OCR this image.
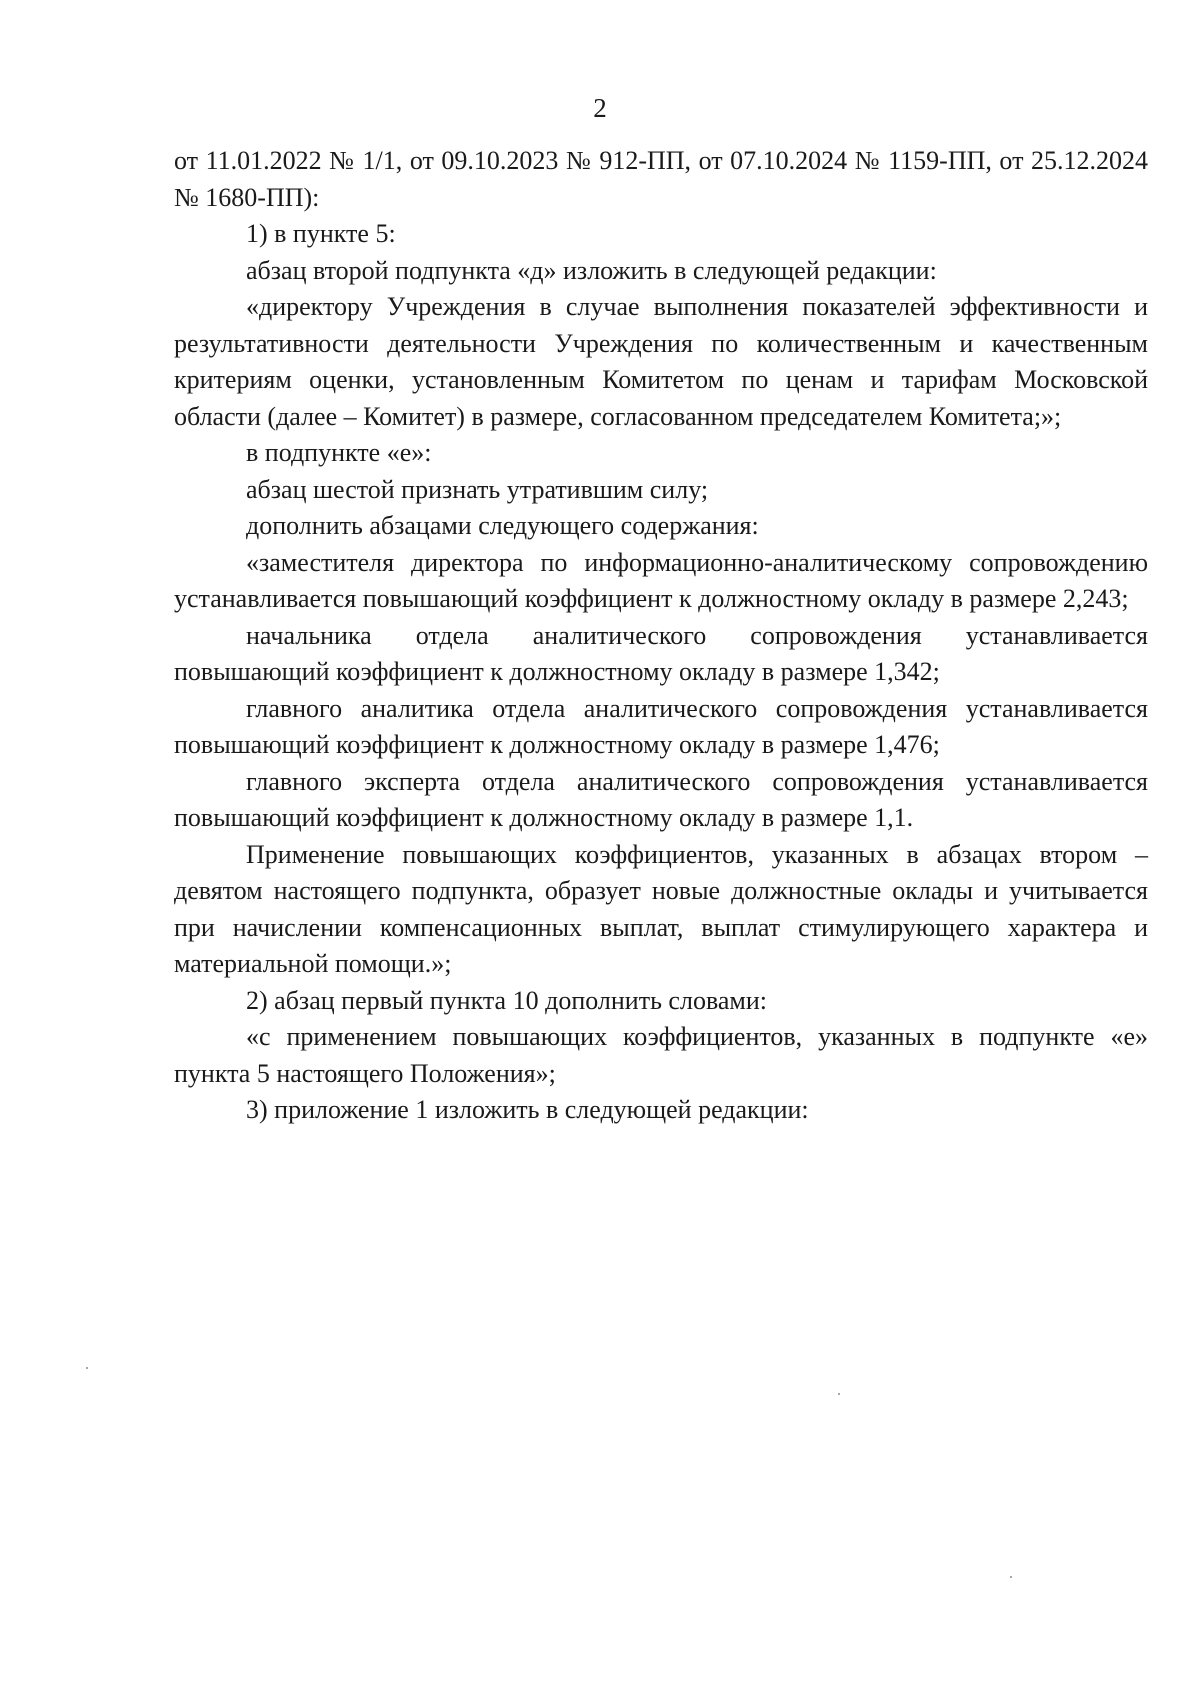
2

от 11.01.2022 № 1/1, от 09.10.2023 № 912-ПП, от 07.10.2024 № 1159-ПП, от 25.12.2024 № 1680-ПП):

1) в пункте 5:

абзац второй подпункта «д» изложить в следующей редакции:

«директору Учреждения в случае выполнения показателей эффективности и результативности деятельности Учреждения по количественным и качественным критериям оценки, установленным Комитетом по ценам и тарифам Московской области (далее – Комитет) в размере, согласованном председателем Комитета;»;

в подпункте «е»:

абзац шестой признать утратившим силу;

дополнить абзацами следующего содержания:

«заместителя директора по информационно-аналитическому сопровождению устанавливается повышающий коэффициент к должностному окладу в размере 2,243;

начальника отдела аналитического сопровождения устанавливается повышающий коэффициент к должностному окладу в размере 1,342;

главного аналитика отдела аналитического сопровождения устанавливается повышающий коэффициент к должностному окладу в размере 1,476;

главного эксперта отдела аналитического сопровождения устанавливается повышающий коэффициент к должностному окладу в размере 1,1.

Применение повышающих коэффициентов, указанных в абзацах втором – девятом настоящего подпункта, образует новые должностные оклады и учитывается при начислении компенсационных выплат, выплат стимулирующего характера и материальной помощи.»;

2) абзац первый пункта 10 дополнить словами:

«с применением повышающих коэффициентов, указанных в подпункте «е» пункта 5 настоящего Положения»;

3) приложение 1 изложить в следующей редакции:
